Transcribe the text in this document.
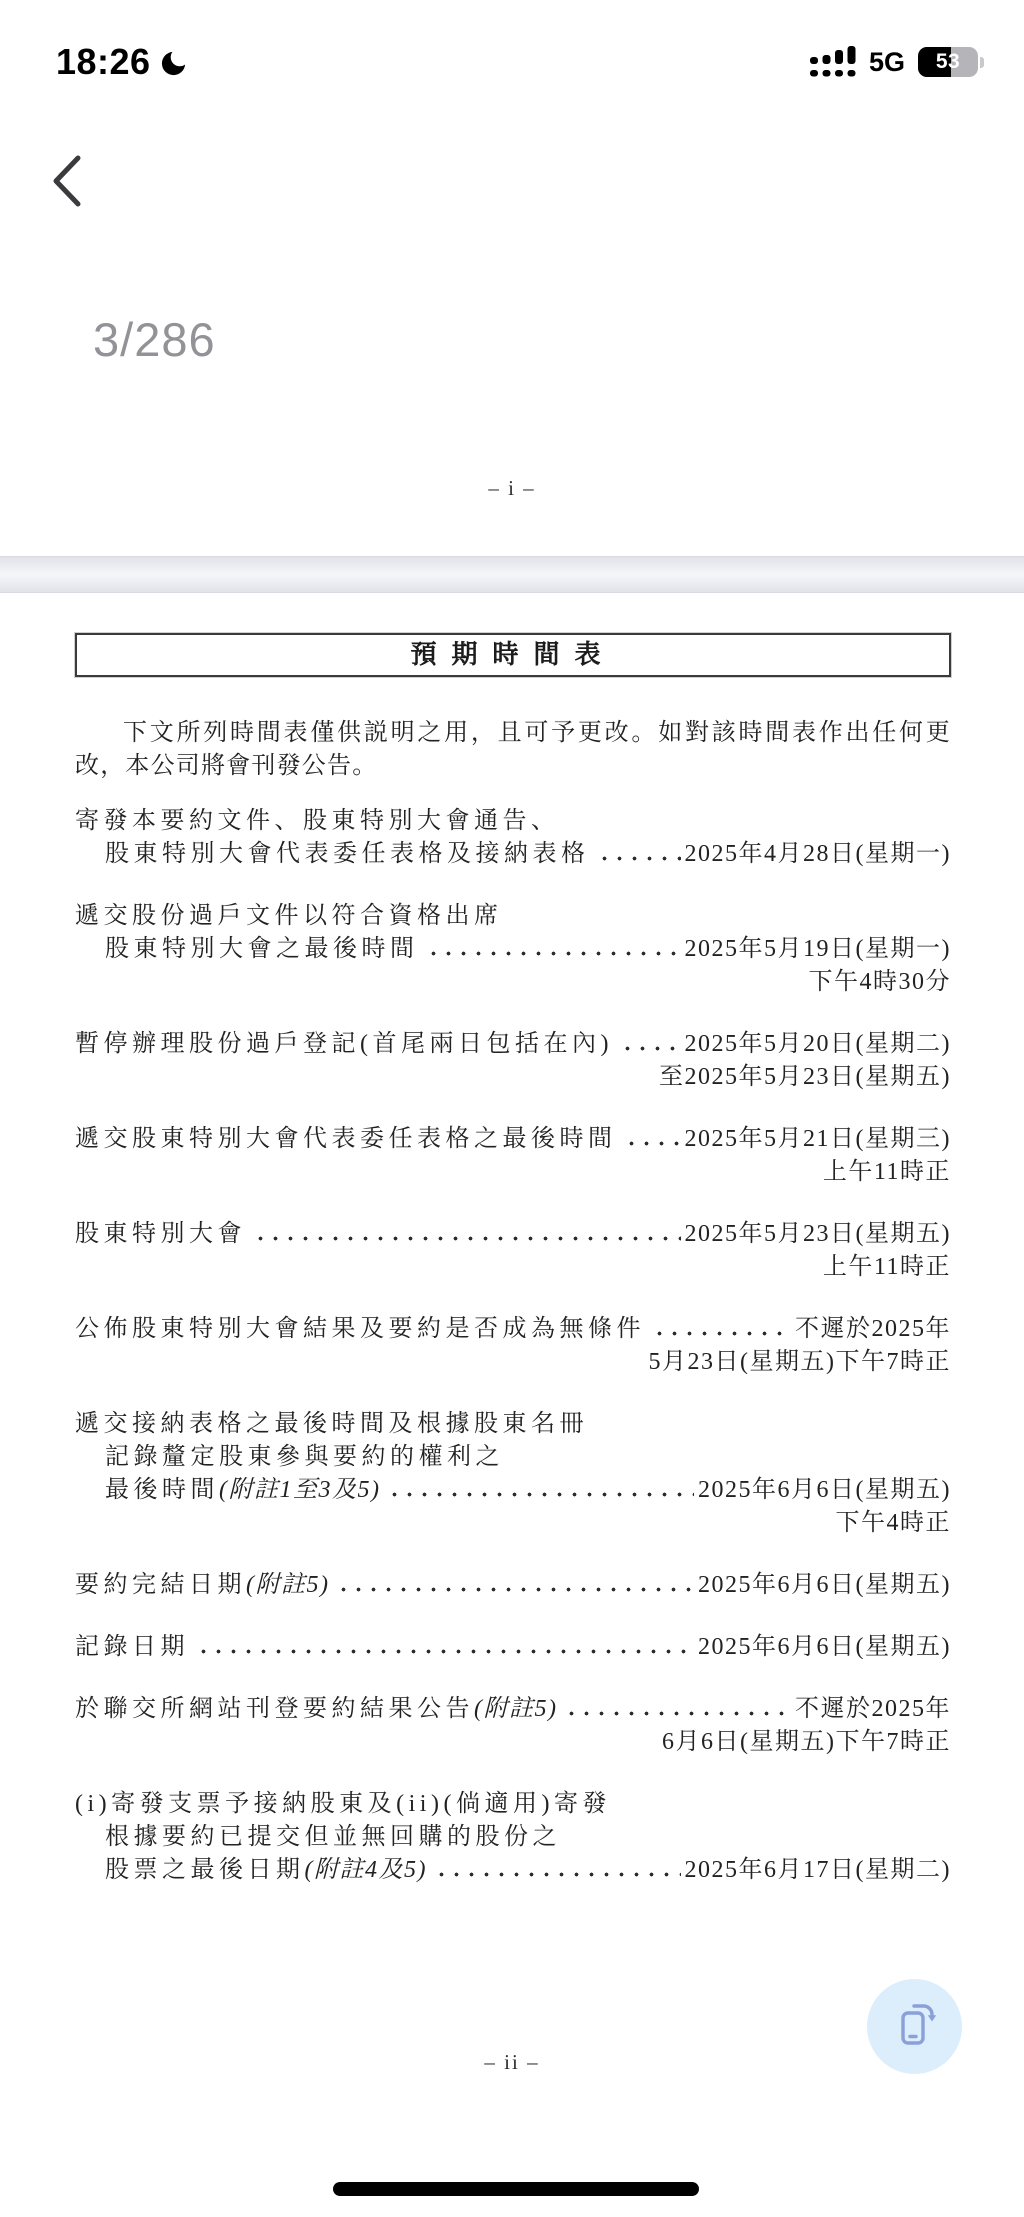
18:26	5G	53
3/286
– i –
預期時間表

下文所列時間表僅供説明之用，且可予更改。如對該時間表作出任何更改，本公司將會刊發公告。

寄發本要約文件、股東特別大會通告、
股東特別大會代表委任表格及接納表格	2025年4月28日(星期一)
遞交股份過戶文件以符合資格出席
股東特別大會之最後時間	2025年5月19日(星期一)
下午4時30分
暫停辦理股份過戶登記(首尾兩日包括在內)	2025年5月20日(星期二)
至2025年5月23日(星期五)
遞交股東特別大會代表委任表格之最後時間	2025年5月21日(星期三)
上午11時正
股東特別大會	2025年5月23日(星期五)
上午11時正
公佈股東特別大會結果及要約是否成為無條件	不遲於2025年
5月23日(星期五)下午7時正
遞交接納表格之最後時間及根據股東名冊
記錄釐定股東參與要約的權利之
最後時間(附註1至3及5)	2025年6月6日(星期五)
下午4時正
要約完結日期(附註5)	2025年6月6日(星期五)
記錄日期	2025年6月6日(星期五)
於聯交所網站刊登要約結果公告(附註5)	不遲於2025年
6月6日(星期五)下午7時正
(i)寄發支票予接納股東及(ii)(倘適用)寄發
根據要約已提交但並無回購的股份之
股票之最後日期(附註4及5)	2025年6月17日(星期二)
– ii –
